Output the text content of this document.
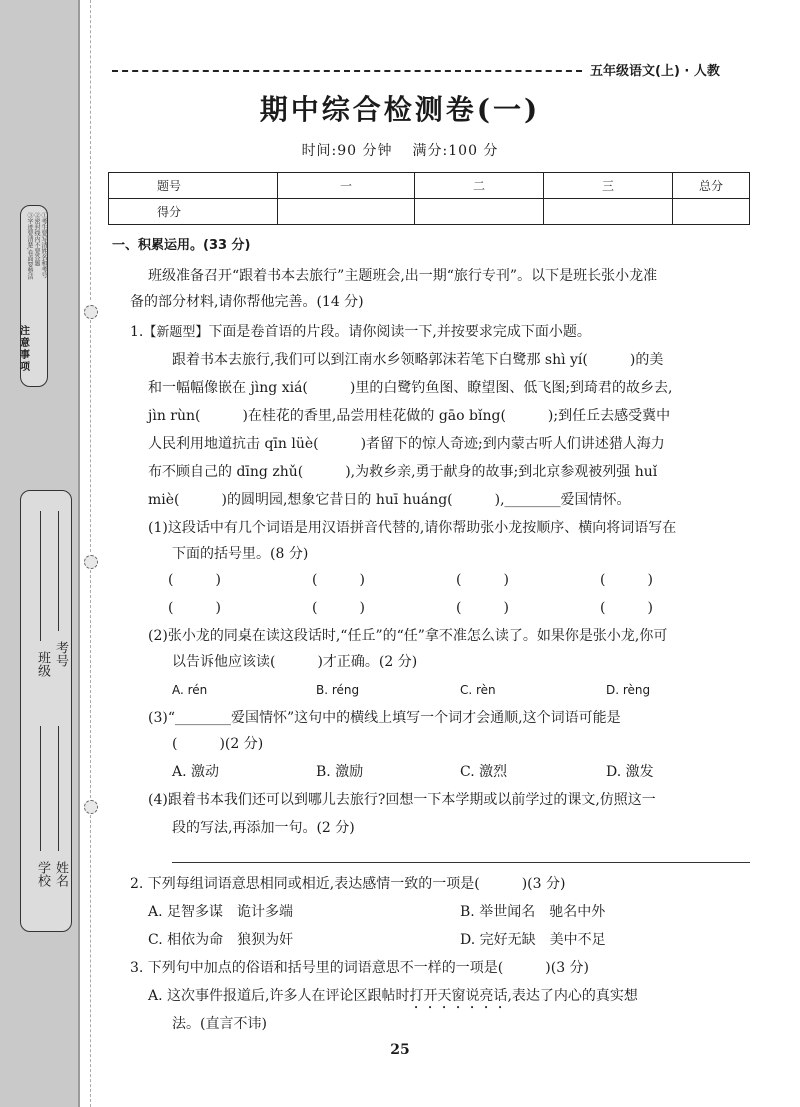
①考生要写清姓名和考号
②密封线内不要答题
③字迹要清楚,卷面要整洁
注意事项
班级 考号
学校 姓名
五年级语文(上) · 人教
期中综合检测卷(一)
时间:90 分钟 满分:100 分
题号	一	二	三	总分
得分				
一、积累运用。(33 分)
班级准备召开“跟着书本去旅行”主题班会,出一期“旅行专刊”。以下是班长张小龙准
备的部分材料,请你帮他完善。(14 分)
1.【新题型】下面是卷首语的片段。请你阅读一下,并按要求完成下面小题。
跟着书本去旅行,我们可以到江南水乡领略郭沫若笔下白鹭那 shì yí(　　　)的美
和一幅幅像嵌在 jìng xiá(　　　)里的白鹭钓鱼图、瞭望图、低飞图;到琦君的故乡去,
jìn rùn(　　　)在桂花的香里,品尝用桂花做的 gāo bǐng(　　　);到任丘去感受冀中
人民利用地道抗击 qīn lüè(　　　)者留下的惊人奇迹;到内蒙古听人们讲述猎人海力
布不顾自己的 dīng zhǔ(　　　),为救乡亲,勇于献身的故事;到北京参观被列强 huǐ
miè(　　　)的圆明园,想象它昔日的 huī huáng(　　　),________爱国情怀。
(1)这段话中有几个词语是用汉语拼音代替的,请你帮助张小龙按顺序、横向将词语写在
下面的括号里。(8 分)
(　　　)	(　　　)	(　　　)	(　　　)
(　　　)	(　　　)	(　　　)	(　　　)
(2)张小龙的同桌在读这段话时,“任丘”的“任”拿不准怎么读了。如果你是张小龙,你可
以告诉他应该读(　　　)才正确。(2 分)
A. rén	B. réng	C. rèn	D. rèng
(3)“________爱国情怀”这句中的横线上填写一个词才会通顺,这个词语可能是
(　　　)(2 分)
A. 激动	B. 激励	C. 激烈	D. 激发
(4)跟着书本我们还可以到哪儿去旅行?回想一下本学期或以前学过的课文,仿照这一
段的写法,再添加一句。(2 分)
2. 下列每组词语意思相同或相近,表达感情一致的一项是(　　　)(3 分)
A. 足智多谋　诡计多端	B. 举世闻名　驰名中外
C. 相依为命　狼狈为奸	D. 完好无缺　美中不足
3. 下列句中加点的俗语和括号里的词语意思不一样的一项是(　　　)(3 分)
A. 这次事件报道后,许多人在评论区跟帖时打开天窗说亮话,表达了内心的真实想
法。(直言不讳)
25
